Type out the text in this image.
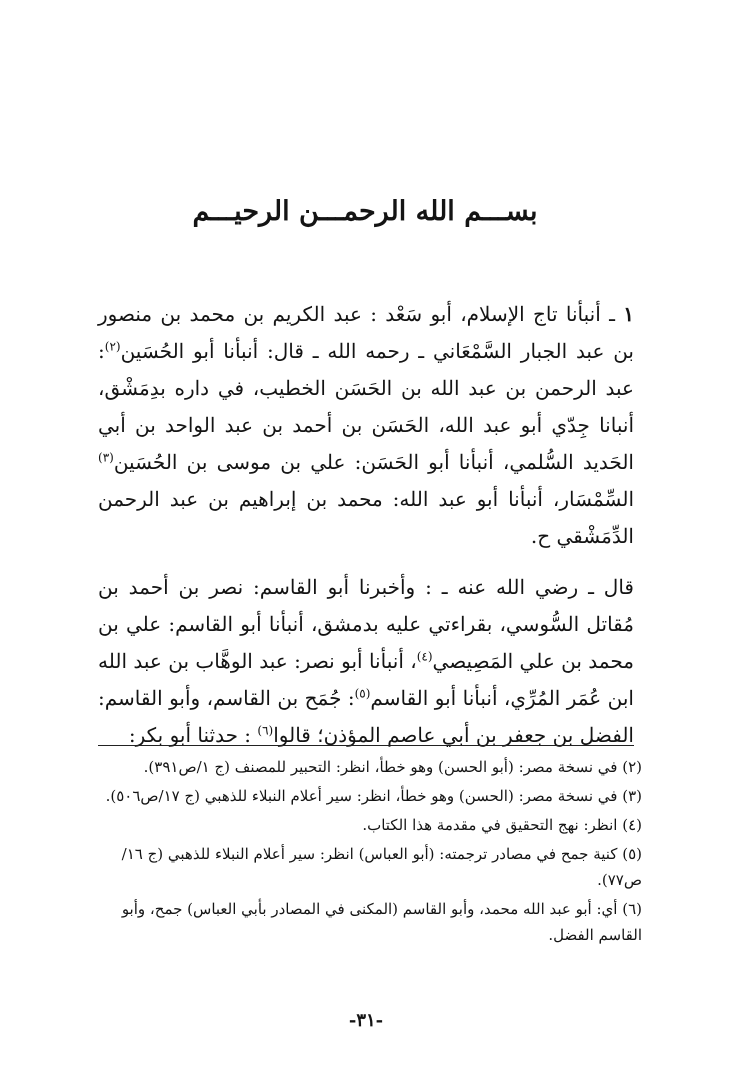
بســـم الله الرحمـــن الرحيـــم

١ ـ أنبأنا تاج الإسلام، أبو سَعْد : عبد الكريم بن محمد بن منصور بن عبد الجبار السَّمْعَاني ـ رحمه الله ـ قال: أنبأنا أبو الحُسَين$^{(٢)}$: عبد الرحمن بن عبد الله بن الحَسَن الخطيب، في داره بدِمَشْق، أنبانا جِدّي أبو عبد الله، الحَسَن بن أحمد بن عبد الواحد بن أبي الحَديد السُّلمي، أنبأنا أبو الحَسَن: علي بن موسى بن الحُسَين$^{(٣)}$ السِّمْسَار، أنبأنا أبو عبد الله: محمد بن إبراهيم بن عبد الرحمن الدِّمَشْقي ح.

قال ـ رضي الله عنه ـ : وأخبرنا أبو القاسم: نصر بن أحمد بن مُقاتل السُّوسي، بقراءتي عليه بدمشق، أنبأنا أبو القاسم: علي بن محمد بن علي المَصِيصي$^{(٤)}$، أنبأنا أبو نصر: عبد الوهَّاب بن عبد الله ابن عُمَر المُرِّي، أنبأنا أبو القاسم$^{(٥)}$: جُمَح بن القاسم، وأبو القاسم: الفضل بن جعفر بن أبي عاصم المؤذن؛ قالوا$^{(٦)}$ : حدثنا أبو بكر:

(٢) في نسخة مصر: (أبو الحسن) وهو خطأ، انظر: التحبير للمصنف (ج ١/ص٣٩١).

(٣) في نسخة مصر: (الحسن) وهو خطأ، انظر: سير أعلام النبلاء للذهبي (ج ١٧/ص٥٠٦).

(٤) انظر: نهج التحقيق في مقدمة هذا الكتاب.

(٥) كنية جمح في مصادر ترجمته: (أبو العباس) انظر: سير أعلام النبلاء للذهبي (ج ١٦/ص٧٧).

(٦) أي: أبو عبد الله محمد، وأبو القاسم (المكنى في المصادر بأبي العباس) جمح، وأبو القاسم الفضل.

-٣١-
